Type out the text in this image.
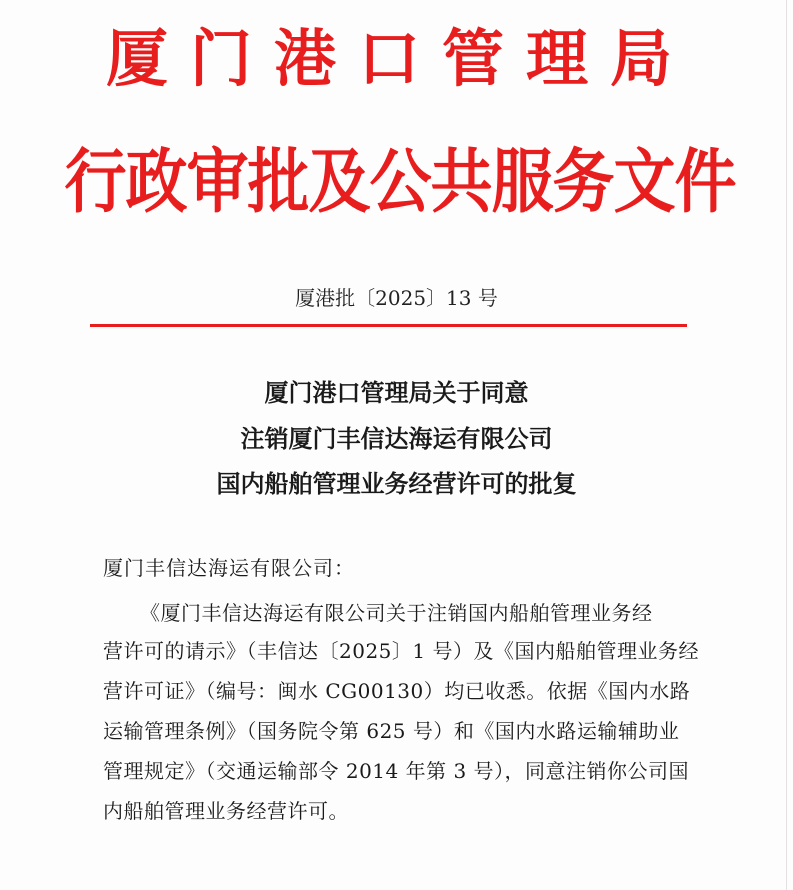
厦门港口管理局
行政审批及公共服务文件
厦港批〔2025〕13 号
厦门港口管理局关于同意
注销厦门丰信达海运有限公司
国内船舶管理业务经营许可的批复
厦门丰信达海运有限公司：
《厦门丰信达海运有限公司关于注销国内船舶管理业务经
营许可的请示》（丰信达〔2025〕1 号）及《国内船舶管理业务经
营许可证》（编号：闽水 CG00130）均已收悉。依据《国内水路
运输管理条例》（国务院令第 625 号）和《国内水路运输辅助业
管理规定》（交通运输部令 2014 年第 3 号），同意注销你公司国
内船舶管理业务经营许可。
